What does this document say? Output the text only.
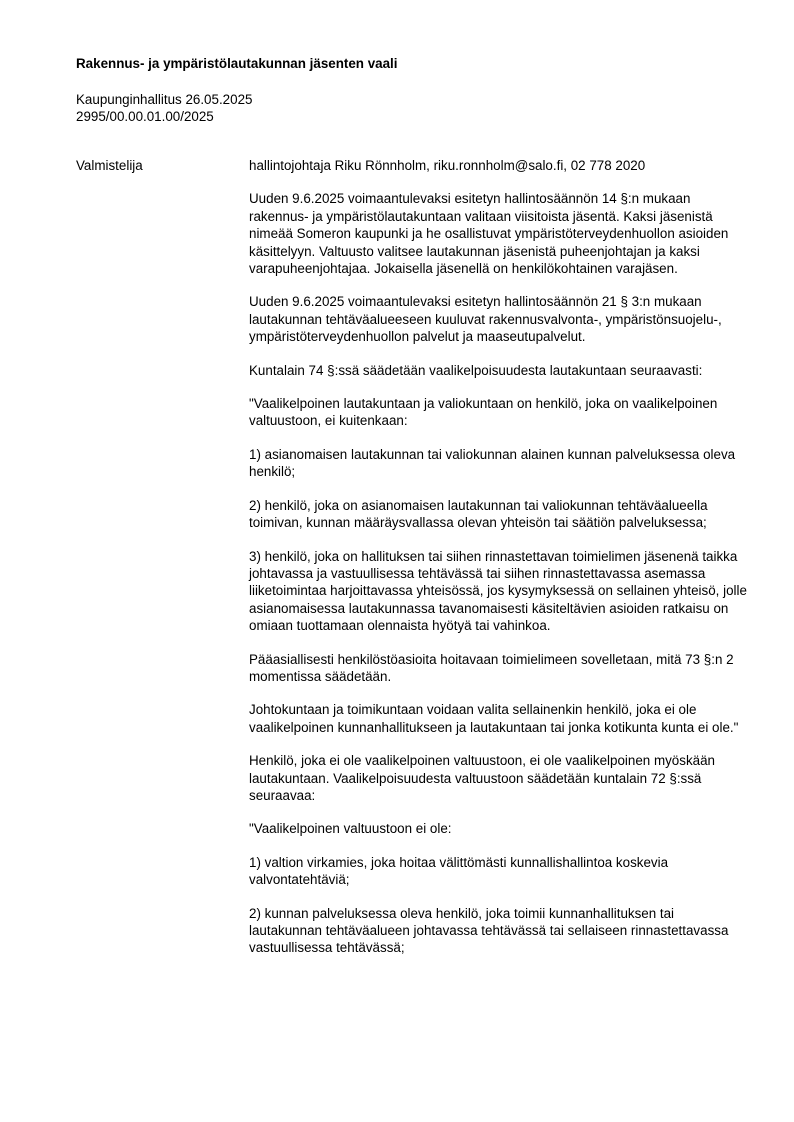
Rakennus- ja ympäristölautakunnan jäsenten vaali
Kaupunginhallitus 26.05.2025
2995/00.00.01.00/2025
Valmistelija	hallintojohtaja Riku Rönnholm, riku.ronnholm@salo.fi, 02 778 2020

Uuden 9.6.2025 voimaantulevaksi esitetyn hallintosäännön 14 §:n mukaan rakennus- ja ympäristölautakuntaan valitaan viisitoista jäsentä. Kaksi jäsenistä nimeää Someron kaupunki ja he osallistuvat ympäristöterveydenhuollon asioiden käsittelyyn. Valtuusto valitsee lautakunnan jäsenistä puheenjohtajan ja kaksi varapuheenjohtajaa. Jokaisella jäsenellä on henkilökohtainen varajäsen.

Uuden 9.6.2025 voimaantulevaksi esitetyn hallintosäännön 21 § 3:n mukaan lautakunnan tehtäväalueeseen kuuluvat rakennusvalvonta-, ympäristönsuojelu-, ympäristöterveydenhuollon palvelut ja maaseutupalvelut.

Kuntalain 74 §:ssä säädetään vaalikelpoisuudesta lautakuntaan seuraavasti:

"Vaalikelpoinen lautakuntaan ja valiokuntaan on henkilö, joka on vaalikelpoinen valtuustoon, ei kuitenkaan:

1) asianomaisen lautakunnan tai valiokunnan alainen kunnan palveluksessa oleva henkilö;

2) henkilö, joka on asianomaisen lautakunnan tai valiokunnan tehtäväalueella toimivan, kunnan määräysvallassa olevan yhteisön tai säätiön palveluksessa;

3) henkilö, joka on hallituksen tai siihen rinnastettavan toimielimen jäsenenä taikka johtavassa ja vastuullisessa tehtävässä tai siihen rinnastettavassa asemassa liiketoimintaa harjoittavassa yhteisössä, jos kysymyksessä on sellainen yhteisö, jolle asianomaisessa lautakunnassa tavanomaisesti käsiteltävien asioiden ratkaisu on omiaan tuottamaan olennaista hyötyä tai vahinkoa.

Pääasiallisesti henkilöstöasioita hoitavaan toimielimeen sovelletaan, mitä 73 §:n 2 momentissa säädetään.

Johtokuntaan ja toimikuntaan voidaan valita sellainenkin henkilö, joka ei ole vaalikelpoinen kunnanhallitukseen ja lautakuntaan tai jonka kotikunta kunta ei ole."

Henkilö, joka ei ole vaalikelpoinen valtuustoon, ei ole vaalikelpoinen myöskään lautakuntaan. Vaalikelpoisuudesta valtuustoon säädetään kuntalain 72 §:ssä seuraavaa:

"Vaalikelpoinen valtuustoon ei ole:

1) valtion virkamies, joka hoitaa välittömästi kunnallishallintoa koskevia valvontatehtäviä;

2) kunnan palveluksessa oleva henkilö, joka toimii kunnanhallituksen tai lautakunnan tehtäväalueen johtavassa tehtävässä tai sellaiseen rinnastettavassa vastuullisessa tehtävässä;
